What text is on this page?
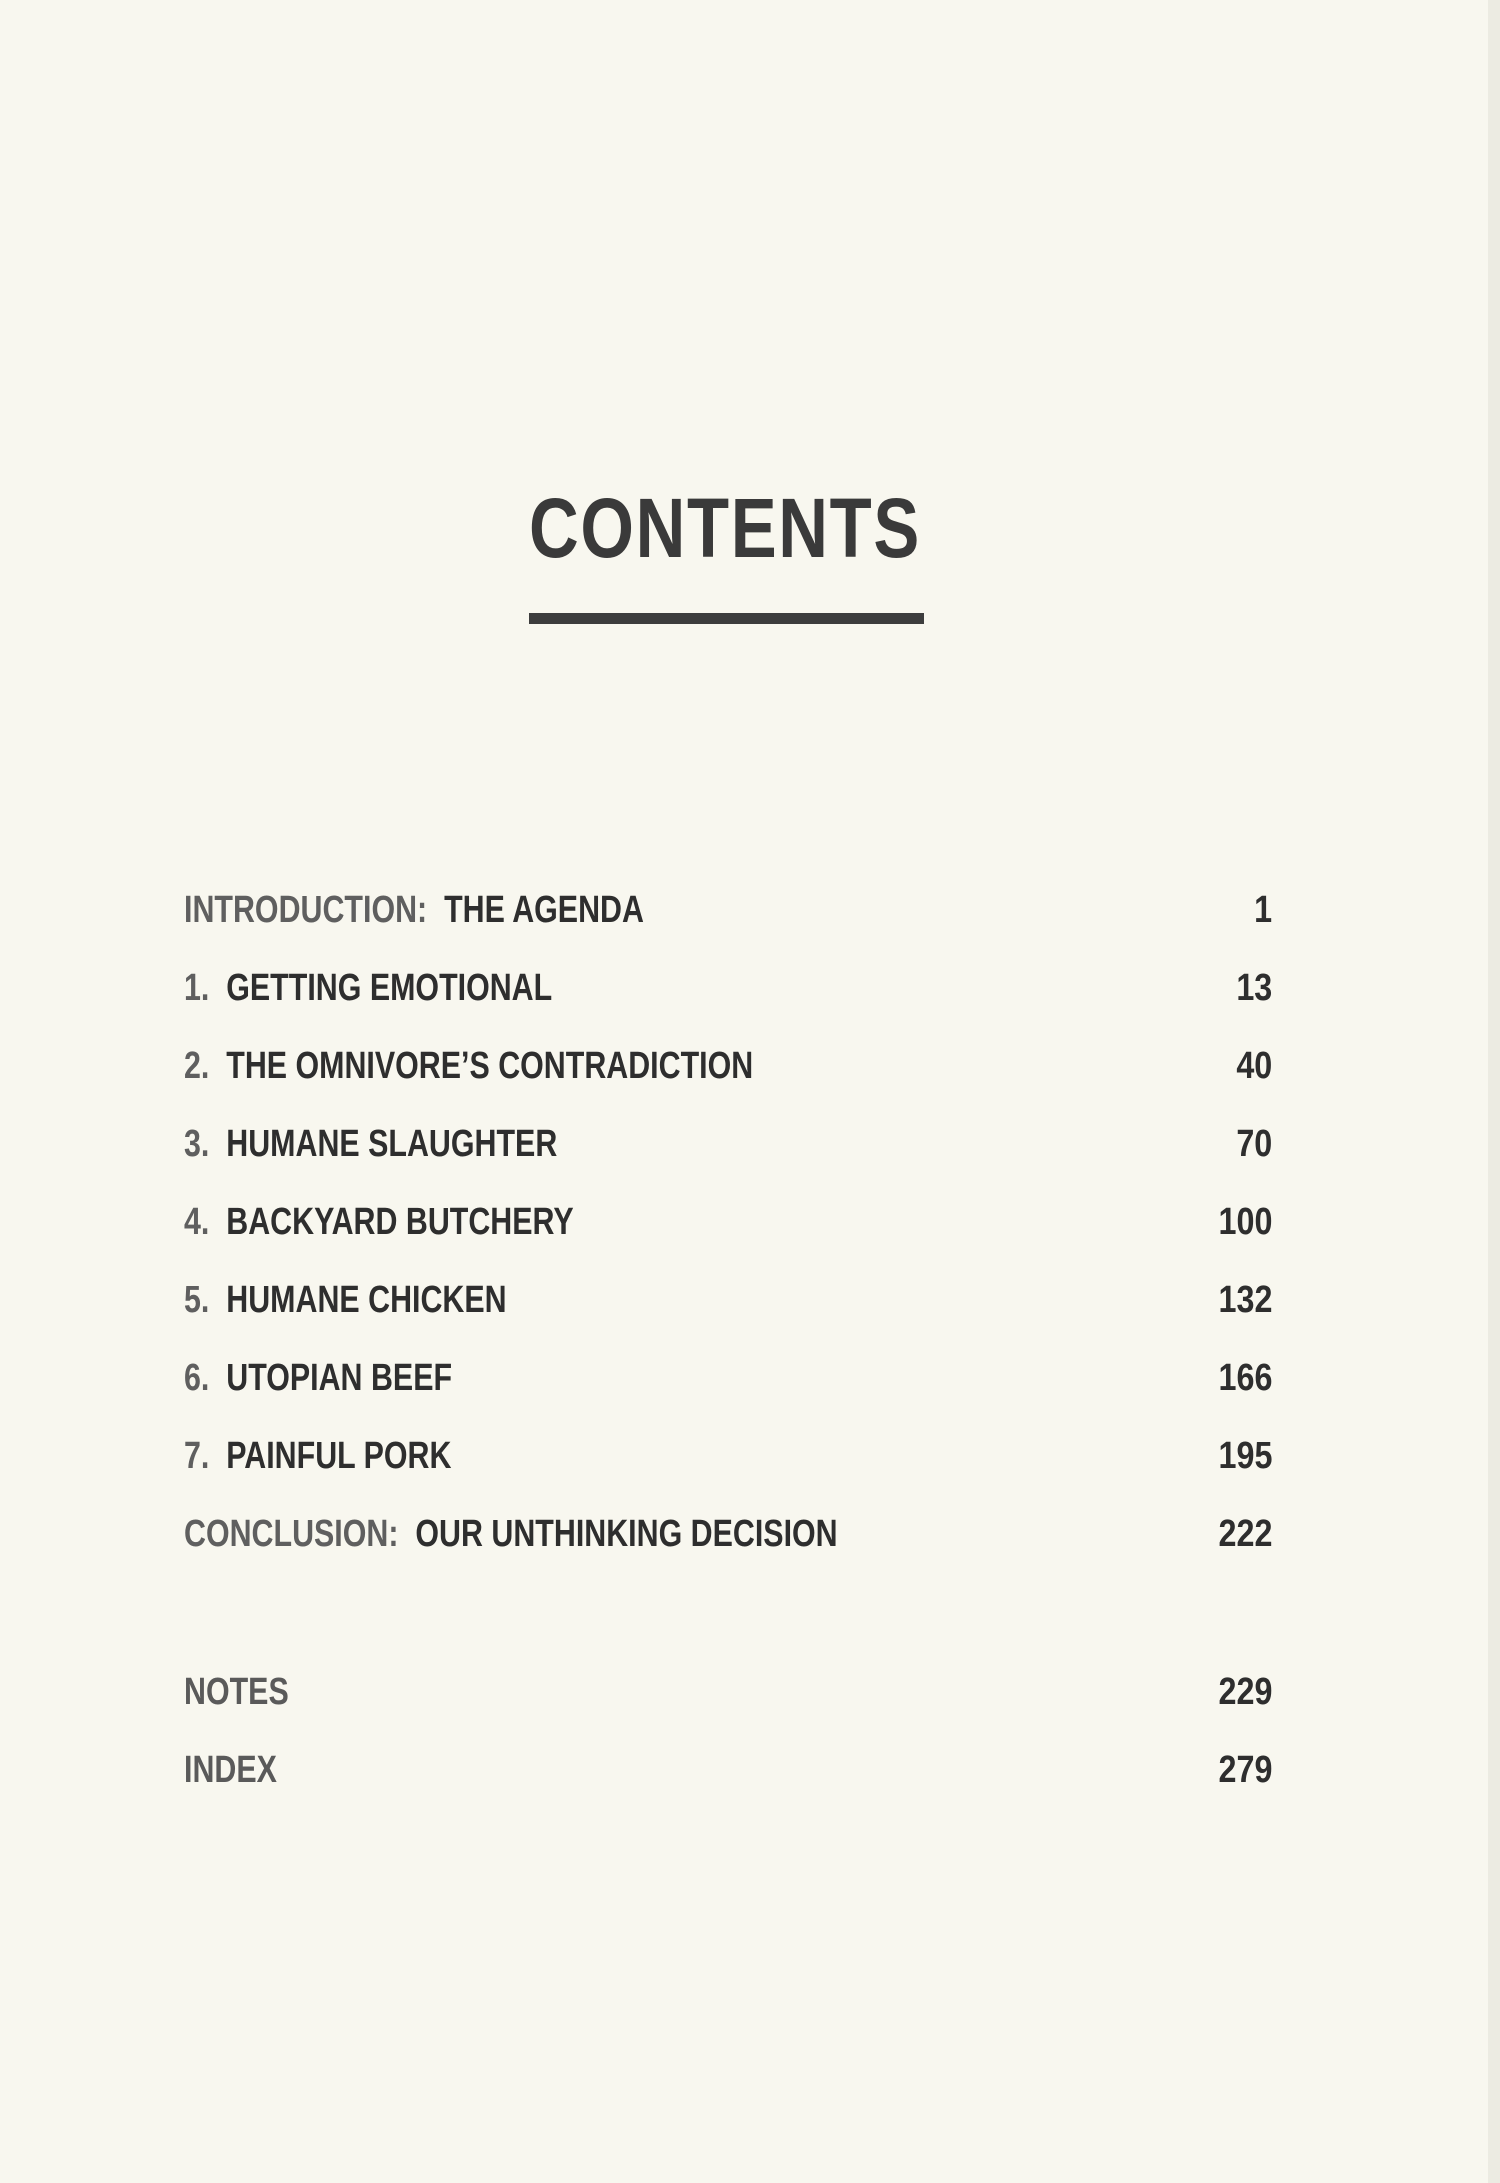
CONTENTS
INTRODUCTION: THE AGENDA	1
1. GETTING EMOTIONAL	13
2. THE OMNIVORE’S CONTRADICTION	40
3. HUMANE SLAUGHTER	70
4. BACKYARD BUTCHERY	100
5. HUMANE CHICKEN	132
6. UTOPIAN BEEF	166
7. PAINFUL PORK	195
CONCLUSION: OUR UNTHINKING DECISION	222
NOTES	229
INDEX	279
